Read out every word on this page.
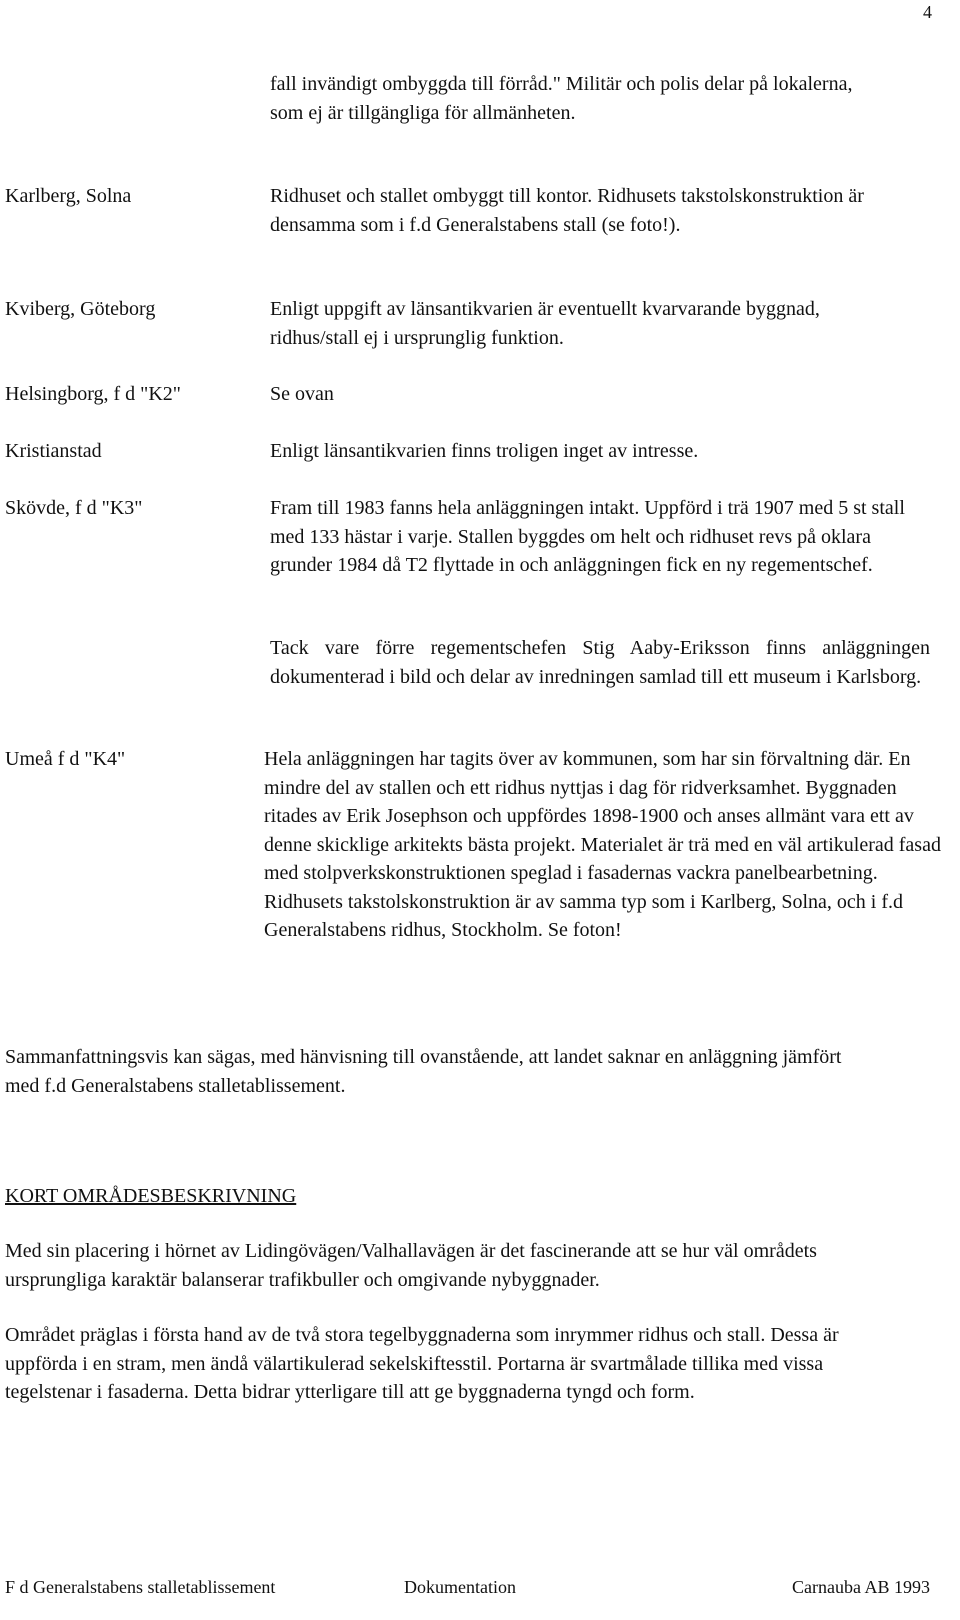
4

fall invändigt ombyggda till förråd." Militär och polis delar på lokalerna, som ej är tillgängliga för allmänheten.

Karlberg, Solna	Ridhuset och stallet ombyggt till kontor. Ridhusets takstolskonstruktion är densamma som i f.d Generalstabens stall (se foto!).

Kviberg, Göteborg	Enligt uppgift av länsantikvarien är eventuellt kvarvarande byggnad, ridhus/stall ej i ursprunglig funktion.

Helsingborg, f d "K2"	Se ovan

Kristianstad	Enligt länsantikvarien finns troligen inget av intresse.

Skövde, f d "K3"	Fram till 1983 fanns hela anläggningen intakt. Uppförd i trä 1907 med 5 st stall med 133 hästar i varje. Stallen byggdes om helt och ridhuset revs på oklara grunder 1984 då T2 flyttade in och anläggningen fick en ny regementschef.

Tack vare förre regementschefen Stig Aaby-Eriksson finns anläggningen dokumenterad i bild och delar av inredningen samlad till ett museum i Karlsborg.

Umeå f d "K4"	Hela anläggningen har tagits över av kommunen, som har sin förvaltning där. En mindre del av stallen och ett ridhus nyttjas i dag för ridverksamhet. Byggnaden ritades av Erik Josephson och uppfördes 1898-1900 och anses allmänt vara ett av denne skicklige arkitekts bästa projekt. Materialet är trä med en väl artikulerad fasad med stolpverkskonstruktionen speglad i fasadernas vackra panelbearbetning. Ridhusets takstolskonstruktion är av samma typ som i Karlberg, Solna, och i f.d Generalstabens ridhus, Stockholm. Se foton!

Sammanfattningsvis kan sägas, med hänvisning till ovanstående, att landet saknar en anläggning jämfört med f.d Generalstabens stalletablissement.

KORT OMRÅDESBESKRIVNING

Med sin placering i hörnet av Lidingövägen/Valhallavägen är det fascinerande att se hur väl områdets ursprungliga karaktär balanserar trafikbuller och omgivande nybyggnader.

Området präglas i första hand av de två stora tegelbyggnaderna som inrymmer ridhus och stall. Dessa är uppförda i en stram, men ändå välartikulerad sekelskiftesstil. Portarna är svartmålade tillika med vissa tegelstenar i fasaderna. Detta bidrar ytterligare till att ge byggnaderna tyngd och form.

F d Generalstabens stalletablissement	Dokumentation	Carnauba AB 1993
